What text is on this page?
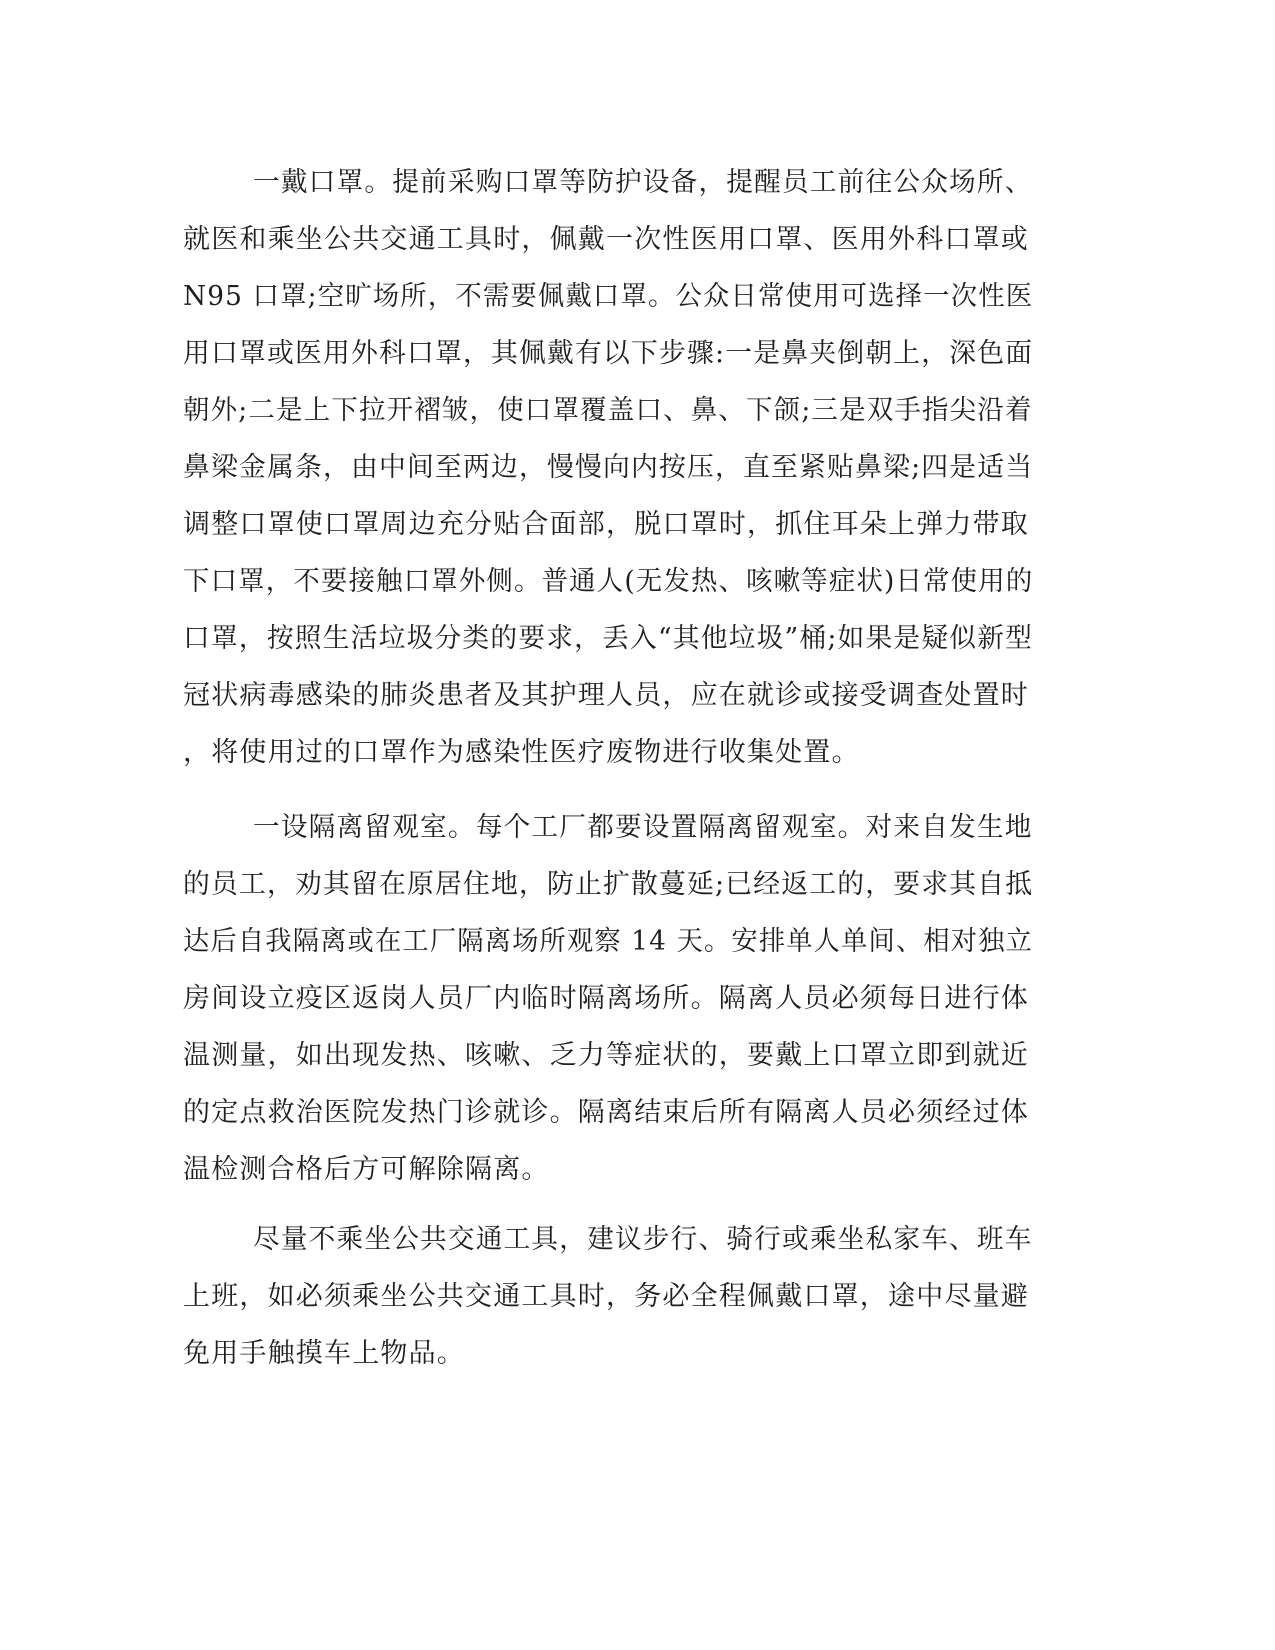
一戴口罩。提前采购口罩等防护设备，提醒员工前往公众场所、
就医和乘坐公共交通工具时，佩戴一次性医用口罩、医用外科口罩或
N95 口罩;空旷场所，不需要佩戴口罩。公众日常使用可选择一次性医
用口罩或医用外科口罩，其佩戴有以下步骤:一是鼻夹倒朝上，深色面
朝外;二是上下拉开褶皱，使口罩覆盖口、鼻、下颌;三是双手指尖沿着
鼻梁金属条，由中间至两边，慢慢向内按压，直至紧贴鼻梁;四是适当
调整口罩使口罩周边充分贴合面部，脱口罩时，抓住耳朵上弹力带取
下口罩，不要接触口罩外侧。普通人(无发热、咳嗽等症状)日常使用的
口罩，按照生活垃圾分类的要求，丢入“其他垃圾”桶;如果是疑似新型
冠状病毒感染的肺炎患者及其护理人员，应在就诊或接受调查处置时
，将使用过的口罩作为感染性医疗废物进行收集处置。
一设隔离留观室。每个工厂都要设置隔离留观室。对来自发生地
的员工，劝其留在原居住地，防止扩散蔓延;已经返工的，要求其自抵
达后自我隔离或在工厂隔离场所观察 14 天。安排单人单间、相对独立
房间设立疫区返岗人员厂内临时隔离场所。隔离人员必须每日进行体
温测量，如出现发热、咳嗽、乏力等症状的，要戴上口罩立即到就近
的定点救治医院发热门诊就诊。隔离结束后所有隔离人员必须经过体
温检测合格后方可解除隔离。
尽量不乘坐公共交通工具，建议步行、骑行或乘坐私家车、班车
上班，如必须乘坐公共交通工具时，务必全程佩戴口罩，途中尽量避
免用手触摸车上物品。
